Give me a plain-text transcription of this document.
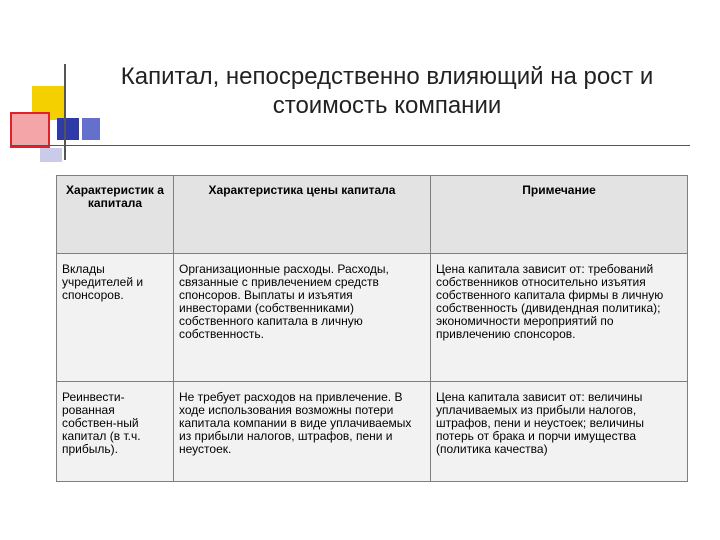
Капитал, непосредственно влияющий на рост и
стоимость компании
Характеристик а капитала	Характеристика цены капитала	Примечание
Вклады учредителей и спонсоров.	Организационные расходы. Расходы, связанные с привлечением средств спонсоров. Выплаты и изъятия инвесторами (собственниками) собственного капитала в личную собственность.	Цена капитала зависит от: требований собственников относительно изъятия собственного капитала фирмы в личную собственность (дивидендная политика); экономичности мероприятий по привлечению спонсоров.
Реинвести-рованная собствен-ный капитал (в т.ч. прибыль).	Не требует расходов на привлечение. В ходе использования возможны потери капитала компании в виде уплачиваемых из прибыли налогов, штрафов, пени и неустоек.	Цена капитала зависит от: величины уплачиваемых из прибыли налогов, штрафов, пени и неустоек; величины потерь от брака и порчи имущества (политика качества)
